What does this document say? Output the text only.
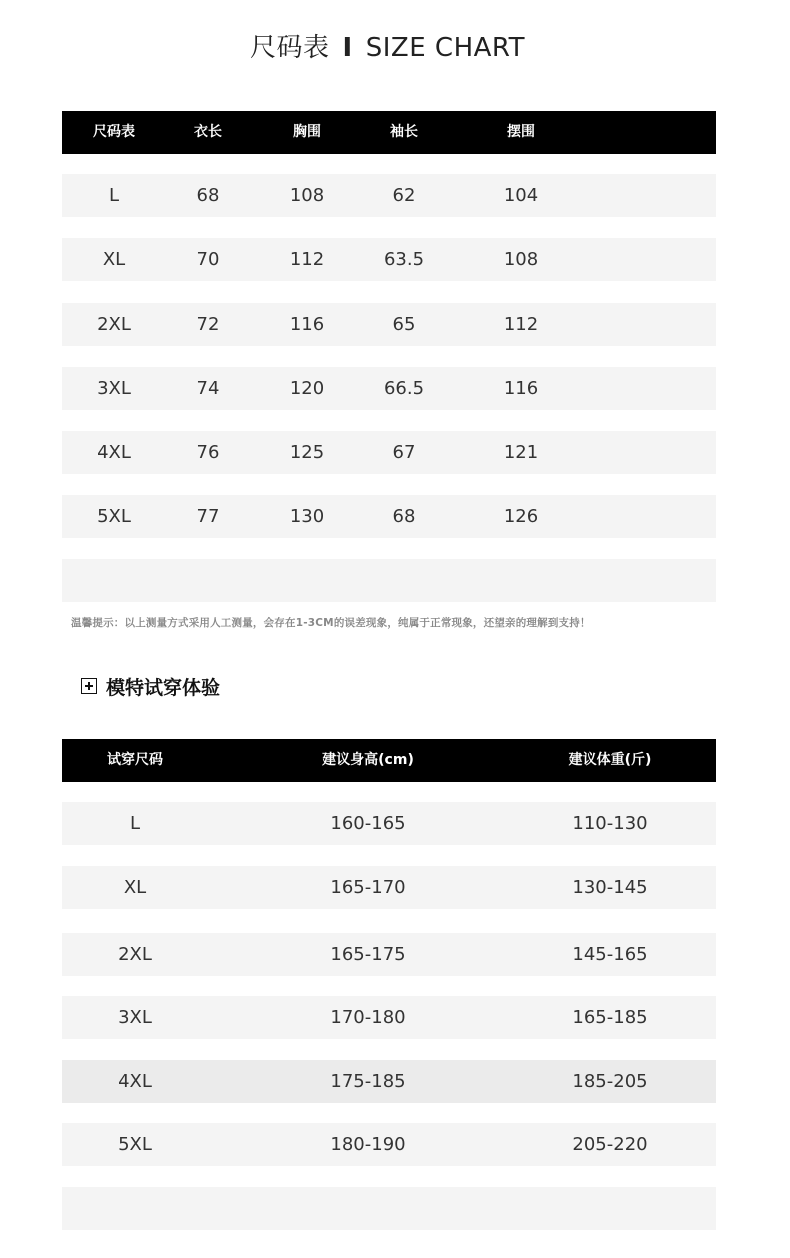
尺码表 I SIZE CHART
尺码表	衣长	胸围	袖长	摆围
L	68	108	62	104
XL	70	112	63.5	108
2XL	72	116	65	112
3XL	74	120	66.5	116
4XL	76	125	67	121
5XL	77	130	68	126
温馨提示：以上测量方式采用人工测量，会存在1-3CM的误差现象，纯属于正常现象，还望亲的理解到支持！
模特试穿体验
试穿尺码	建议身高(cm)	建议体重(斤)
L	160-165	110-130
XL	165-170	130-145
2XL	165-175	145-165
3XL	170-180	165-185
4XL	175-185	185-205
5XL	180-190	205-220
